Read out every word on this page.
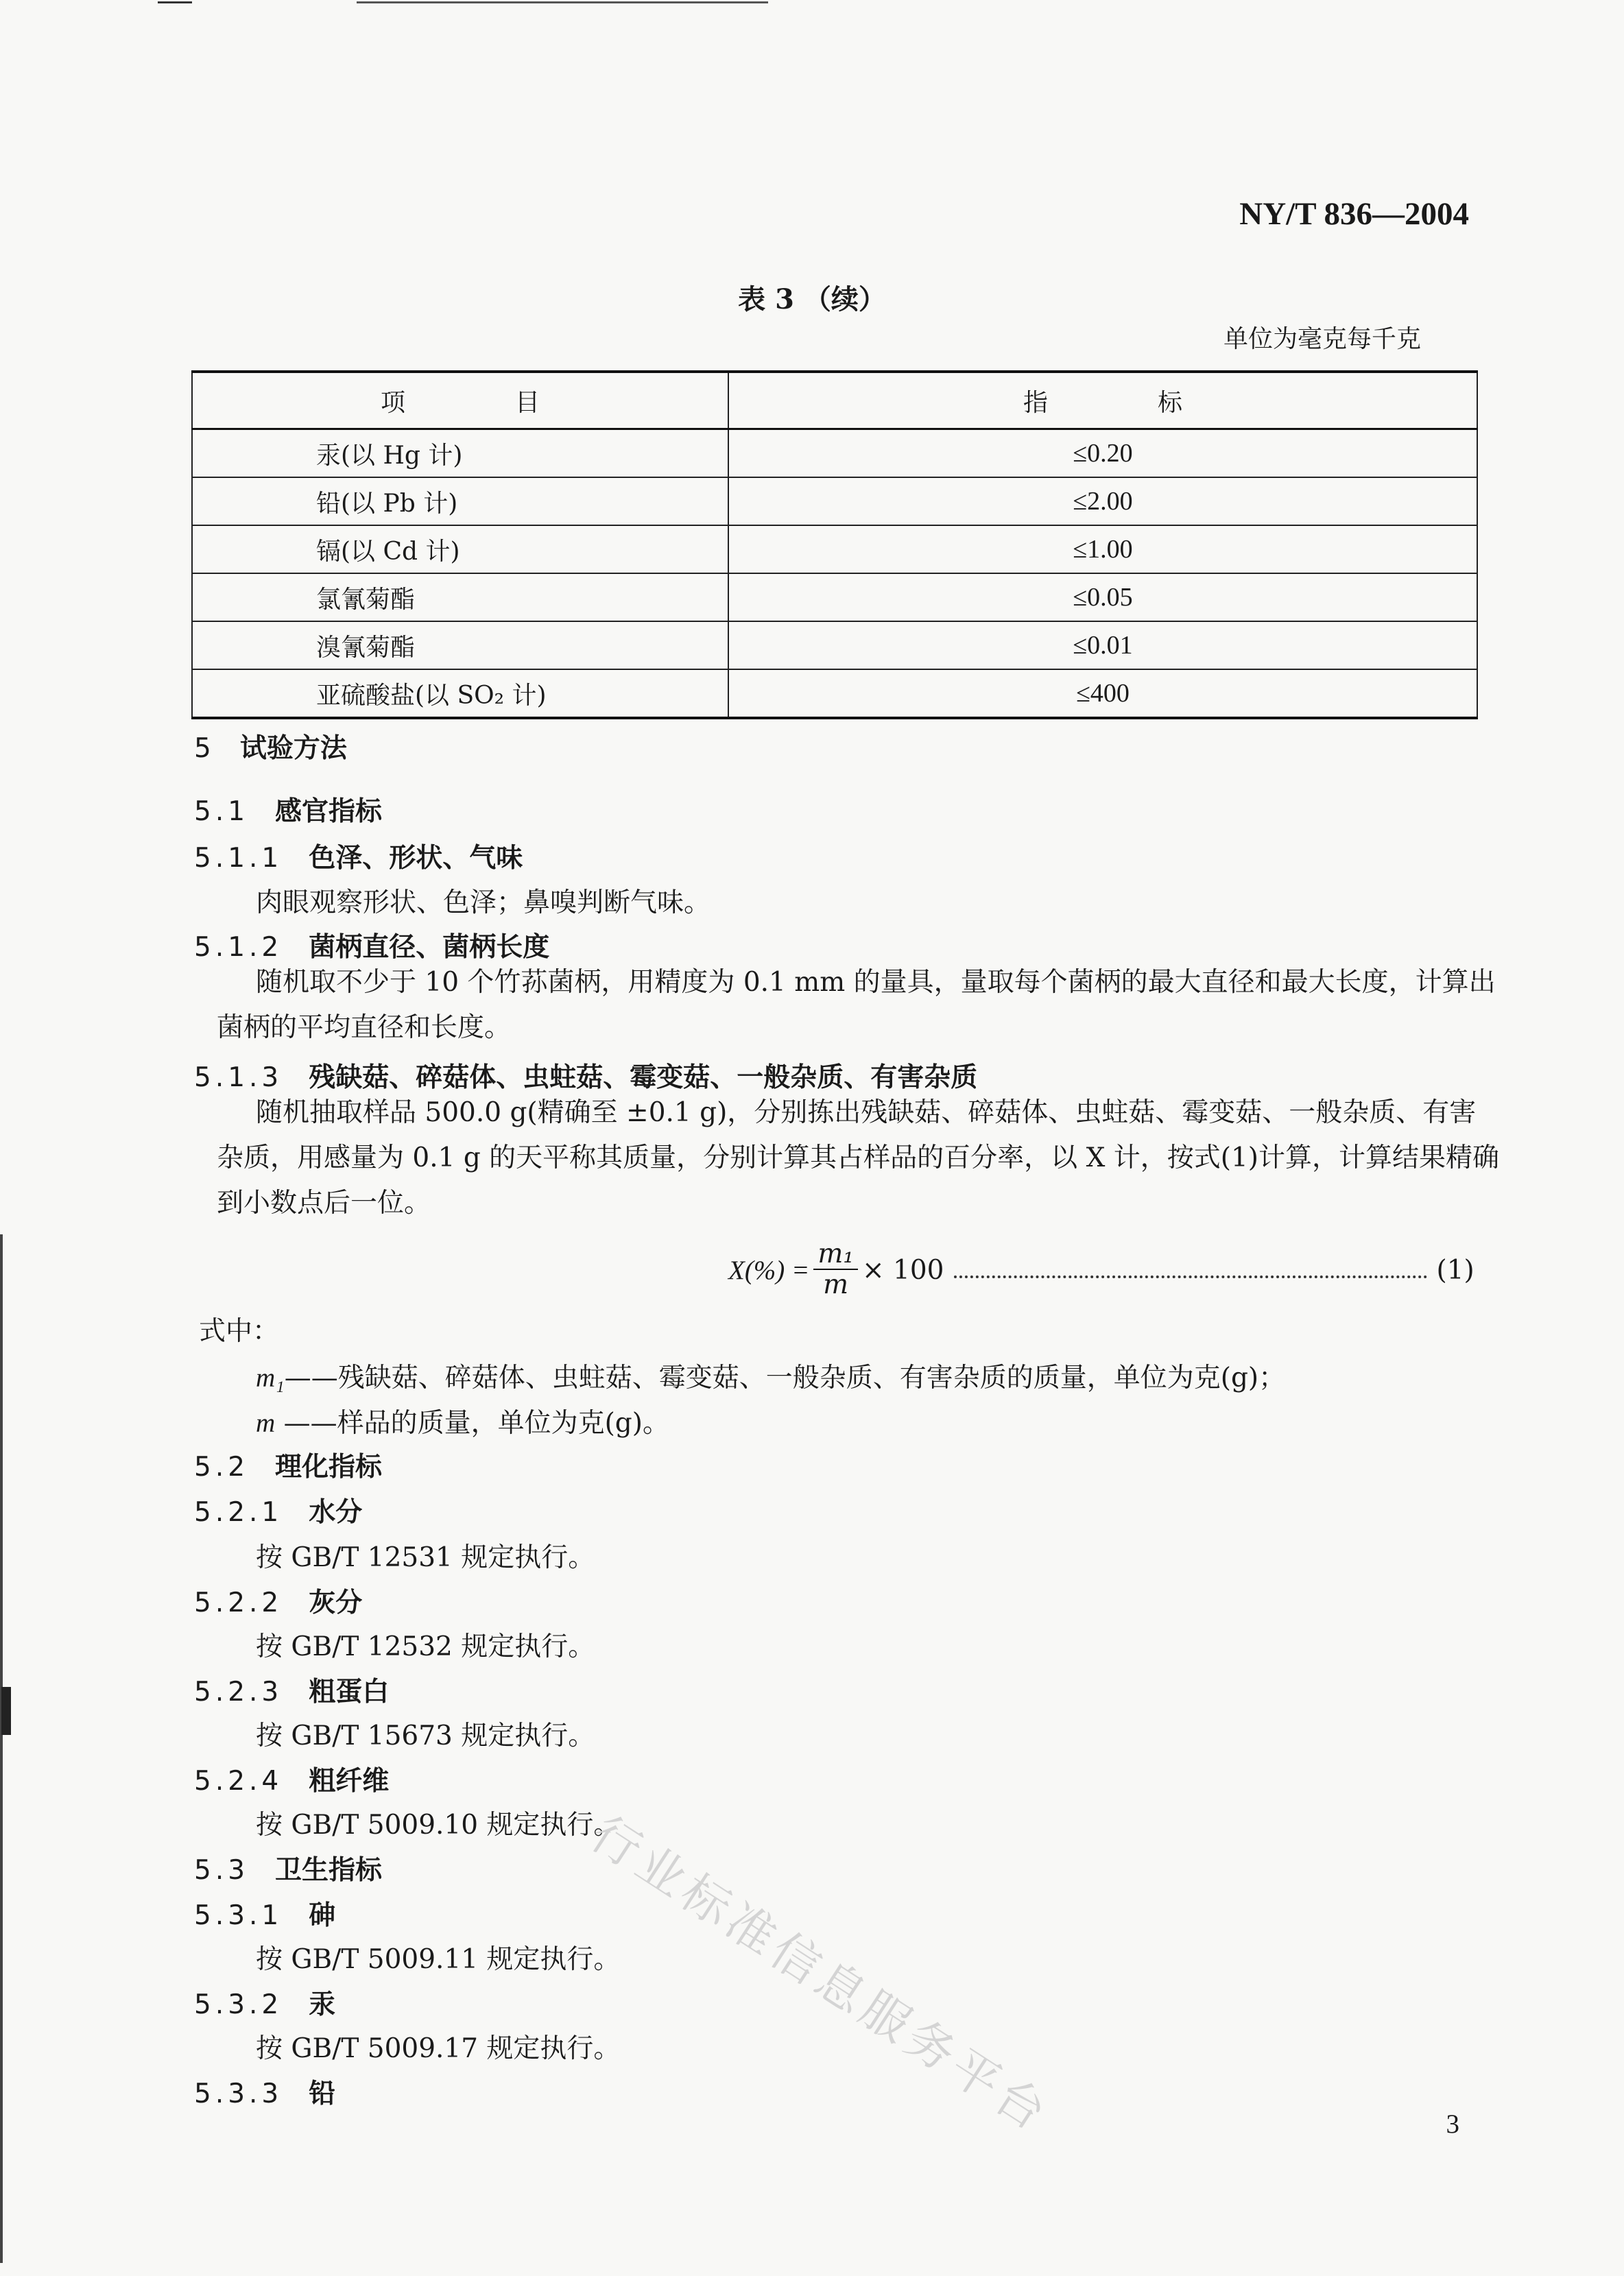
NY/T 836—2004
表 3 （续）
单位为毫克每千克
项目	指标
汞(以 Hg 计)	≤0.20
铅(以 Pb 计)	≤2.00
镉(以 Cd 计)	≤1.00
氯氰菊酯	≤0.05
溴氰菊酯	≤0.01
亚硫酸盐(以 SO₂ 计)	≤400
5 试验方法
5.1 感官指标
5.1.1 色泽、形状、气味
肉眼观察形状、色泽；鼻嗅判断气味。
5.1.2 菌柄直径、菌柄长度
随机取不少于 10 个竹荪菌柄，用精度为 0.1 mm 的量具，量取每个菌柄的最大直径和最大长度，计算出菌柄的平均直径和长度。
5.1.3 残缺菇、碎菇体、虫蛀菇、霉变菇、一般杂质、有害杂质
随机抽取样品 500.0 g(精确至 ±0.1 g)，分别拣出残缺菇、碎菇体、虫蛀菇、霉变菇、一般杂质、有害杂质，用感量为 0.1 g 的天平称其质量，分别计算其占样品的百分率，以 X 计，按式(1)计算，计算结果精确到小数点后一位。
$X(\%) = \frac{\text{m₁}}{m} \times 100$	(1)
式中：
m₁——残缺菇、碎菇体、虫蛀菇、霉变菇、一般杂质、有害杂质的质量，单位为克(g)；
m ——样品的质量，单位为克(g)。
5.2 理化指标
5.2.1 水分
按 GB/T 12531 规定执行。
5.2.2 灰分
按 GB/T 12532 规定执行。
5.2.3 粗蛋白
按 GB/T 15673 规定执行。
5.2.4 粗纤维
按 GB/T 5009.10 规定执行。
5.3 卫生指标
5.3.1 砷
按 GB/T 5009.11 规定执行。
5.3.2 汞
按 GB/T 5009.17 规定执行。
5.3.3 铅	行业标准信息服务平台	3
